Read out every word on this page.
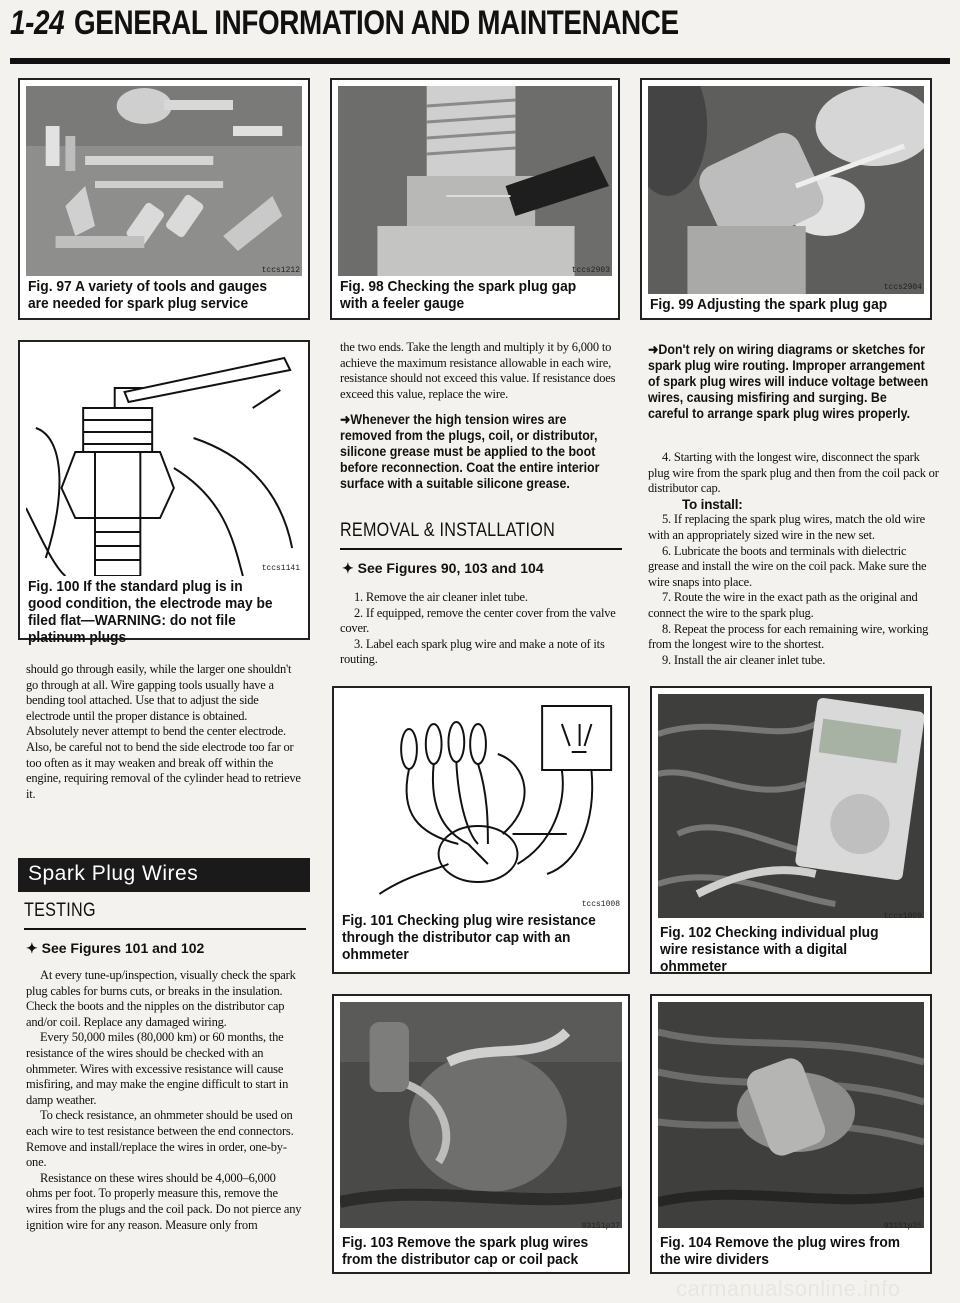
1-24 GENERAL INFORMATION AND MAINTENANCE
tccs1212
Fig. 97 A variety of tools and gauges are needed for spark plug service
tccs2903
Fig. 98 Checking the spark plug gap with a feeler gauge
tccs2904
Fig. 99 Adjusting the spark plug gap
tccs1141
Fig. 100 If the standard plug is in good condition, the electrode may be filed flat—WARNING: do not file platinum plugs

should go through easily, while the larger one shouldn't go through at all. Wire gapping tools usually have a bending tool attached. Use that to adjust the side electrode until the proper distance is obtained. Absolutely never attempt to bend the center electrode. Also, be careful not to bend the side electrode too far or too often as it may weaken and break off within the engine, requiring removal of the cylinder head to retrieve it.

Spark Plug Wires
TESTING
✦ See Figures 101 and 102

At every tune-up/inspection, visually check the spark plug cables for burns cuts, or breaks in the insulation. Check the boots and the nipples on the distributor cap and/or coil. Replace any damaged wiring.

Every 50,000 miles (80,000 km) or 60 months, the resistance of the wires should be checked with an ohmmeter. Wires with excessive resistance will cause misfiring, and may make the engine difficult to start in damp weather.

To check resistance, an ohmmeter should be used on each wire to test resistance between the end connectors. Remove and install/replace the wires in order, one-by-one.

Resistance on these wires should be 4,000–6,000 ohms per foot. To properly measure this, remove the wires from the plugs and the coil pack. Do not pierce any ignition wire for any reason. Measure only from

the two ends. Take the length and multiply it by 6,000 to achieve the maximum resistance allowable in each wire, resistance should not exceed this value. If resistance does exceed this value, replace the wire.

➜Whenever the high tension wires are removed from the plugs, coil, or distributor, silicone grease must be applied to the boot before reconnection. Coat the entire interior surface with a suitable silicone grease.
REMOVAL & INSTALLATION
✦ See Figures 90, 103 and 104

1. Remove the air cleaner inlet tube.

2. If equipped, remove the center cover from the valve cover.

3. Label each spark plug wire and make a note of its routing.

➜Don't rely on wiring diagrams or sketches for spark plug wire routing. Improper arrangement of spark plug wires will induce voltage between wires, causing misfiring and surging. Be careful to arrange spark plug wires properly.

4. Starting with the longest wire, disconnect the spark plug wire from the spark plug and then from the coil pack or distributor cap.

To install:

5. If replacing the spark plug wires, match the old wire with an appropriately sized wire in the new set.

6. Lubricate the boots and terminals with dielectric grease and install the wire on the coil pack. Make sure the wire snaps into place.

7. Route the wire in the exact path as the original and connect the wire to the spark plug.

8. Repeat the process for each remaining wire, working from the longest wire to the shortest.

9. Install the air cleaner inlet tube.

tccs1008
Fig. 101 Checking plug wire resistance through the distributor cap with an ohmmeter
tccs1009
Fig. 102 Checking individual plug wire resistance with a digital ohmmeter
93151p37
Fig. 103 Remove the spark plug wires from the distributor cap or coil pack
93151p35
Fig. 104 Remove the plug wires from the wire dividers
carmanualsonline.info
